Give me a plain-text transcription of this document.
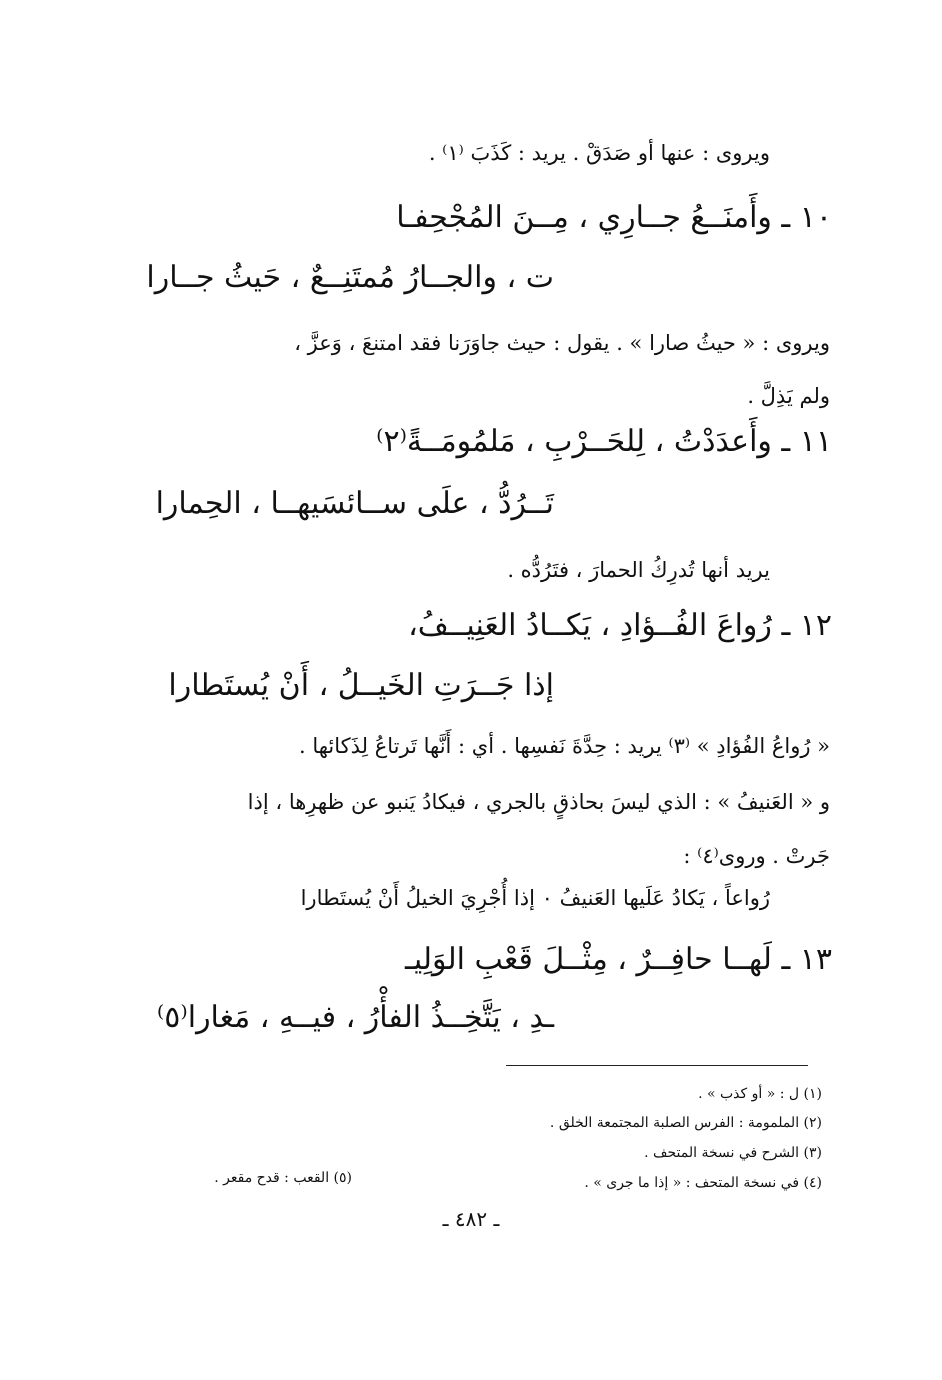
ويروى : عنها أو صَدَقْ . يريد : كَذَبَ ⁽١⁾ .
١٠ ـ وأَمنَــعُ جــارِي ، مِــنَ المُجْحِفـا
ت ، والجــارُ مُمتَنِــعٌ ، حَيثُ جــارا
ويروى : « حيثُ صارا » . يقول : حيث جاوَرَنا فقد امتنعَ ، وَعزَّ ،
ولم يَذِلَّ .
١١ ـ وأَعدَدْتُ ، لِلحَــرْبِ ، مَلمُومَــةً⁽٢⁾
تَــرُدُّ ، علَى ســائسَيهــا ، الحِمارا
يريد أنها تُدرِكُ الحمارَ ، فتَرُدُّه .
١٢ ـ رُواعَ الفُــؤادِ ، يَكــادُ العَنِيــفُ،
إذا جَــرَتِ الخَيــلُ ، أَنْ يُستَطارا
« رُواعُ الفُؤادِ » ⁽٣⁾ يريد : حِدَّةَ نَفسِها . أي : أَنَّها تَرتاعُ لِذَكائها .
و « العَنيفُ » : الذي ليسَ بحاذقٍ بالجري ، فيكادُ يَنبو عن ظهرِها ، إذا
جَرتْ . وروى⁽٤⁾ :
رُواعاً ، يَكادُ عَلَيها العَنيفُ ٠ إذا أُجْرِيَ الخيلُ أَنْ يُستَطارا
١٣ ـ لَهــا حافِــرٌ ، مِثْــلَ قَعْبِ الوَلِيـ
ـدِ ، يَتَّخِــذُ الفأْرُ ، فيــهِ ، مَغارا⁽٥⁾
(١) ل : « أو كذب » .
(٢) الملمومة : الفرس الصلبة المجتمعة الخلق .
(٣) الشرح في نسخة المتحف .
(٤) في نسخة المتحف : « إذا ما جرى » .
(٥) القعب : قدح مقعر .
ـ ٤٨٢ ـ
